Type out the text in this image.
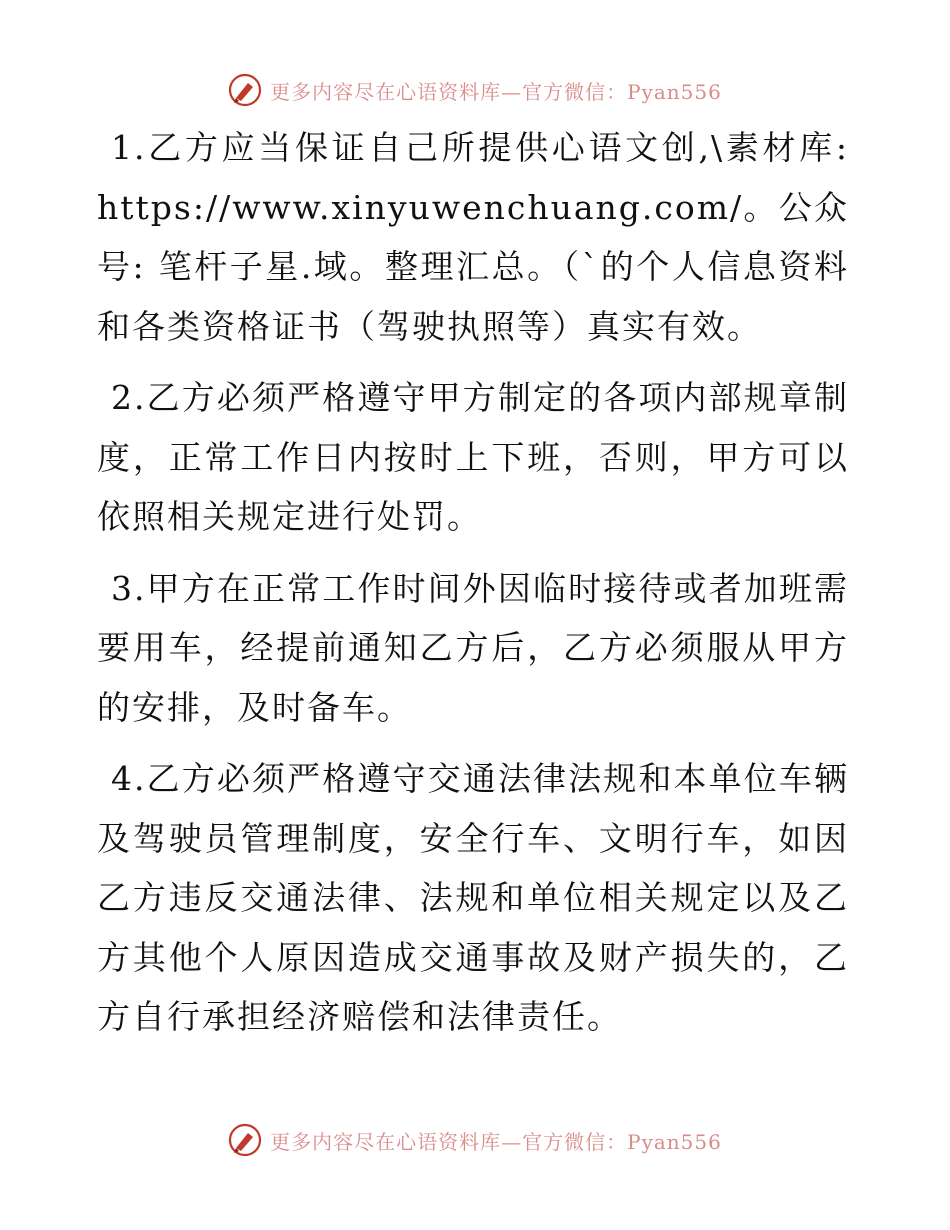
更多内容尽在心语资料库—官方微信：Pyan556

1.乙方应当保证自己所提供心语文创,\素材库: https://www.xinyuwenchuang.com/。公众号: 笔杆子星.域。整理汇总。（`的个人信息资料和各类资格证书（驾驶执照等）真实有效。

2.乙方必须严格遵守甲方制定的各项内部规章制度，正常工作日内按时上下班，否则，甲方可以依照相关规定进行处罚。

3.甲方在正常工作时间外因临时接待或者加班需要用车，经提前通知乙方后，乙方必须服从甲方的安排，及时备车。

4.乙方必须严格遵守交通法律法规和本单位车辆及驾驶员管理制度，安全行车、文明行车，如因乙方违反交通法律、法规和单位相关规定以及乙方其他个人原因造成交通事故及财产损失的，乙方自行承担经济赔偿和法律责任。

更多内容尽在心语资料库—官方微信：Pyan556
